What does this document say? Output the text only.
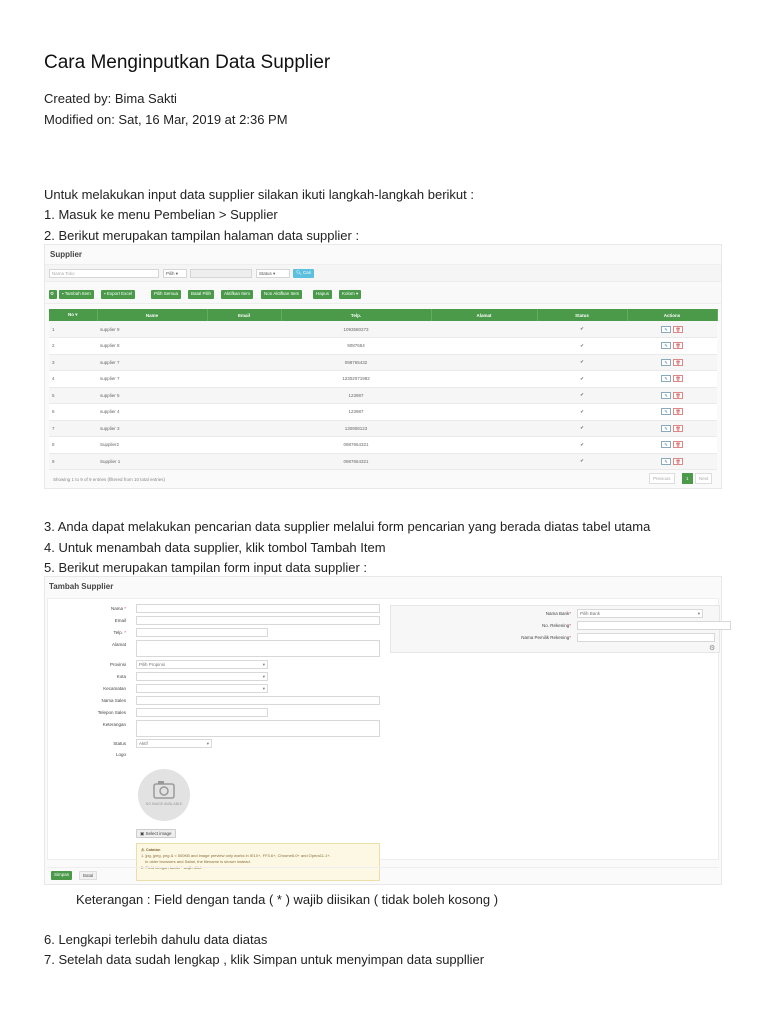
Cara Menginputkan Data Supplier
Created by: Bima Sakti
Modified on: Sat, 16 Mar, 2019 at 2:36 PM
Untuk melakukan input data supplier silakan ikuti langkah-langkah berikut :
1. Masuk ke menu Pembelian > Supplier
2. Berikut merupakan tampilan halaman data supplier :
Supplier
Nama Toko	Pilih ▾	Status ▾	🔍︎ Cari
⚙	▪ Tambah Item	▪ Export Excel	Pilih Semua	Batal Pilih	Aktifkan Item	Non Aktifkan Item	Hapus	Kolom ▾
No ▾	Name	Email	Telp.	Alamat	Status	Actions
1	supplier 9		1093580273		✔	✎ 🗑︎
2	supplier 8		9087654		✔	✎ 🗑︎
3	supplier 7		098765432		✔	✎ 🗑︎
4	supplier 7		12302071982		✔	✎ 🗑︎
5	supplier 5		123987		✔	✎ 🗑︎
6	supplier 4		123987		✔	✎ 🗑︎
7	supplier 3		130908123		✔	✎ 🗑︎
8	Supplier2		0987654321		✔	✎ 🗑︎
9	Supplier 1		0987654321		✔	✎ 🗑︎
Showing 1 to 9 of 9 entries (filtered from 10 total entries)	Previous	1	Next
3. Anda dapat melakukan pencarian data supplier melalui form pencarian yang berada diatas tabel utama
4. Untuk menambah data supplier, klik tombol Tambah Item
5. Berikut merupakan tampilan form input data supplier :
Tambah Supplier
Nama *
Email
Telp. *
Alamat
Provinsi	Pilih Propinsi	▾
Kota	▾
Kecamatan	▾
Nama Sales
Telepon Sales
Keterangan
Status	Aktif	▾
Logo
NO IMAGE AVAILABLE
▣ Select image
⚠ Catatan
1. jpg, jpeg, png & < 500KB and image preview only works in IE10+, FF3.6+, Chrome6.0+ and Opera11.1+.
In older browsers and Safari, the filename is shown instead.
2. Field dengan tanda * wajib diisi.
Nama Bank*	Pilih Bank	▾
No. Rekening*
Nama Pemilik Rekening*
⚙
Simpan	Batal
Keterangan : Field dengan tanda ( * ) wajib diisikan ( tidak boleh kosong )
6. Lengkapi terlebih dahulu data diatas
7. Setelah data sudah lengkap , klik Simpan untuk menyimpan data suppllier
